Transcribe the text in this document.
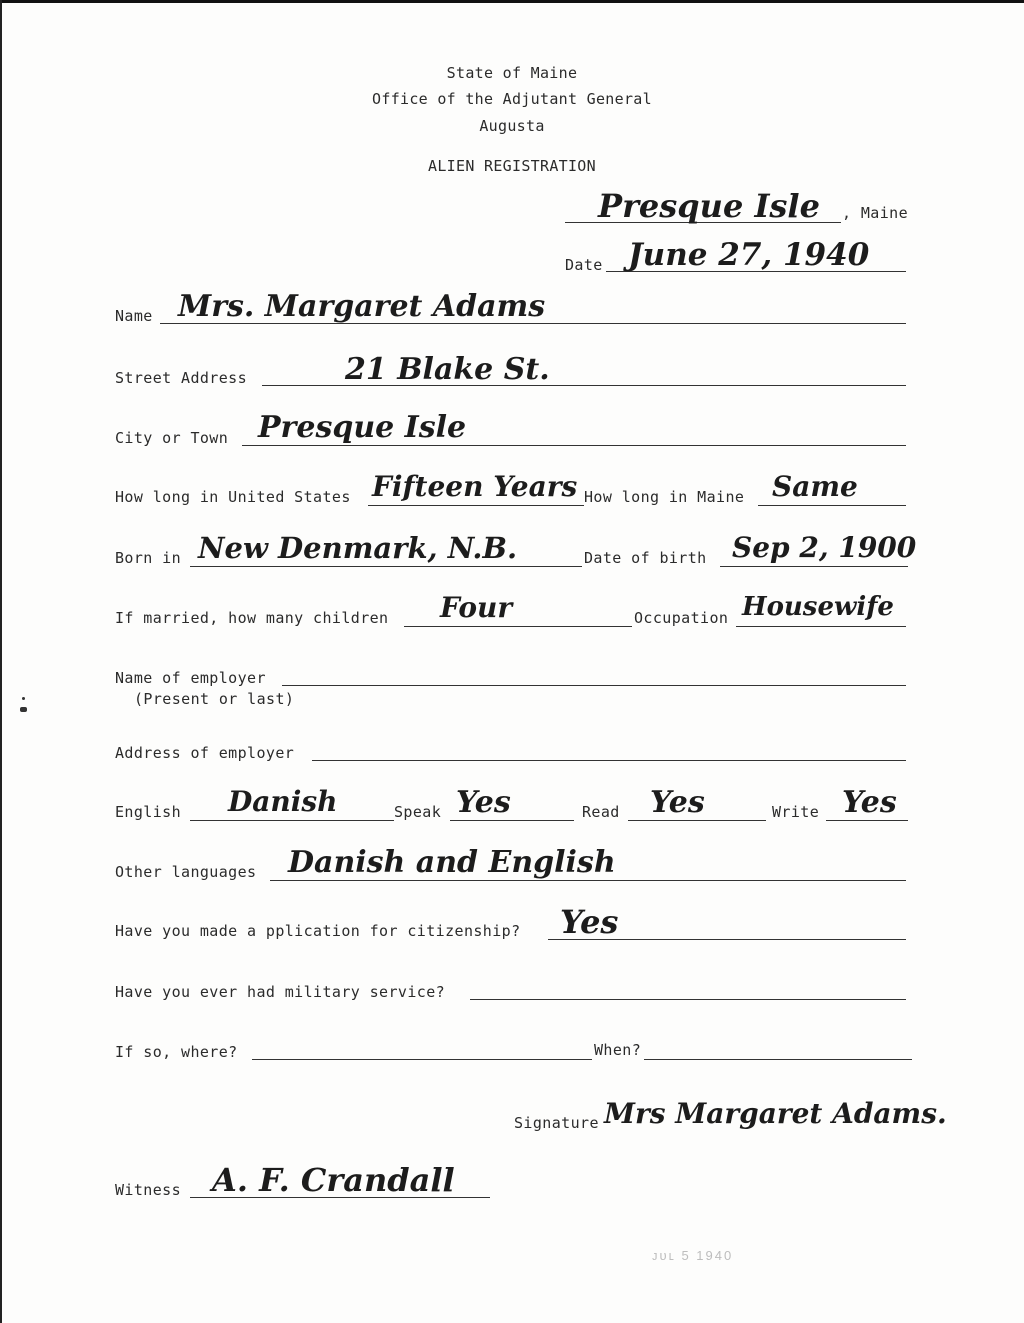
State of Maine
Office of the Adjutant General
Augusta
ALIEN REGISTRATION
Presque Isle , Maine
Date June 27, 1940
Name Mrs. Margaret Adams
Street Address	21 Blake St.
City or Town Presque Isle
How long in United States Fifteen Years How long in Maine Same
Born in New Denmark, N.B.	Date of birth Sep 2, 1900
If married, how many children Four	Occupation Housewife
Name of employer
(Present or last)
Address of employer
English Danish	Speak Yes	Read Yes	Write Yes
Other languages Danish and English
Have you made a pplication for citizenship? Yes
Have you ever had military service?
If so, where?	When?
Signature Mrs Margaret Adams.
Witness A. F. Crandall
ᴊᴜʟ 5 1940
